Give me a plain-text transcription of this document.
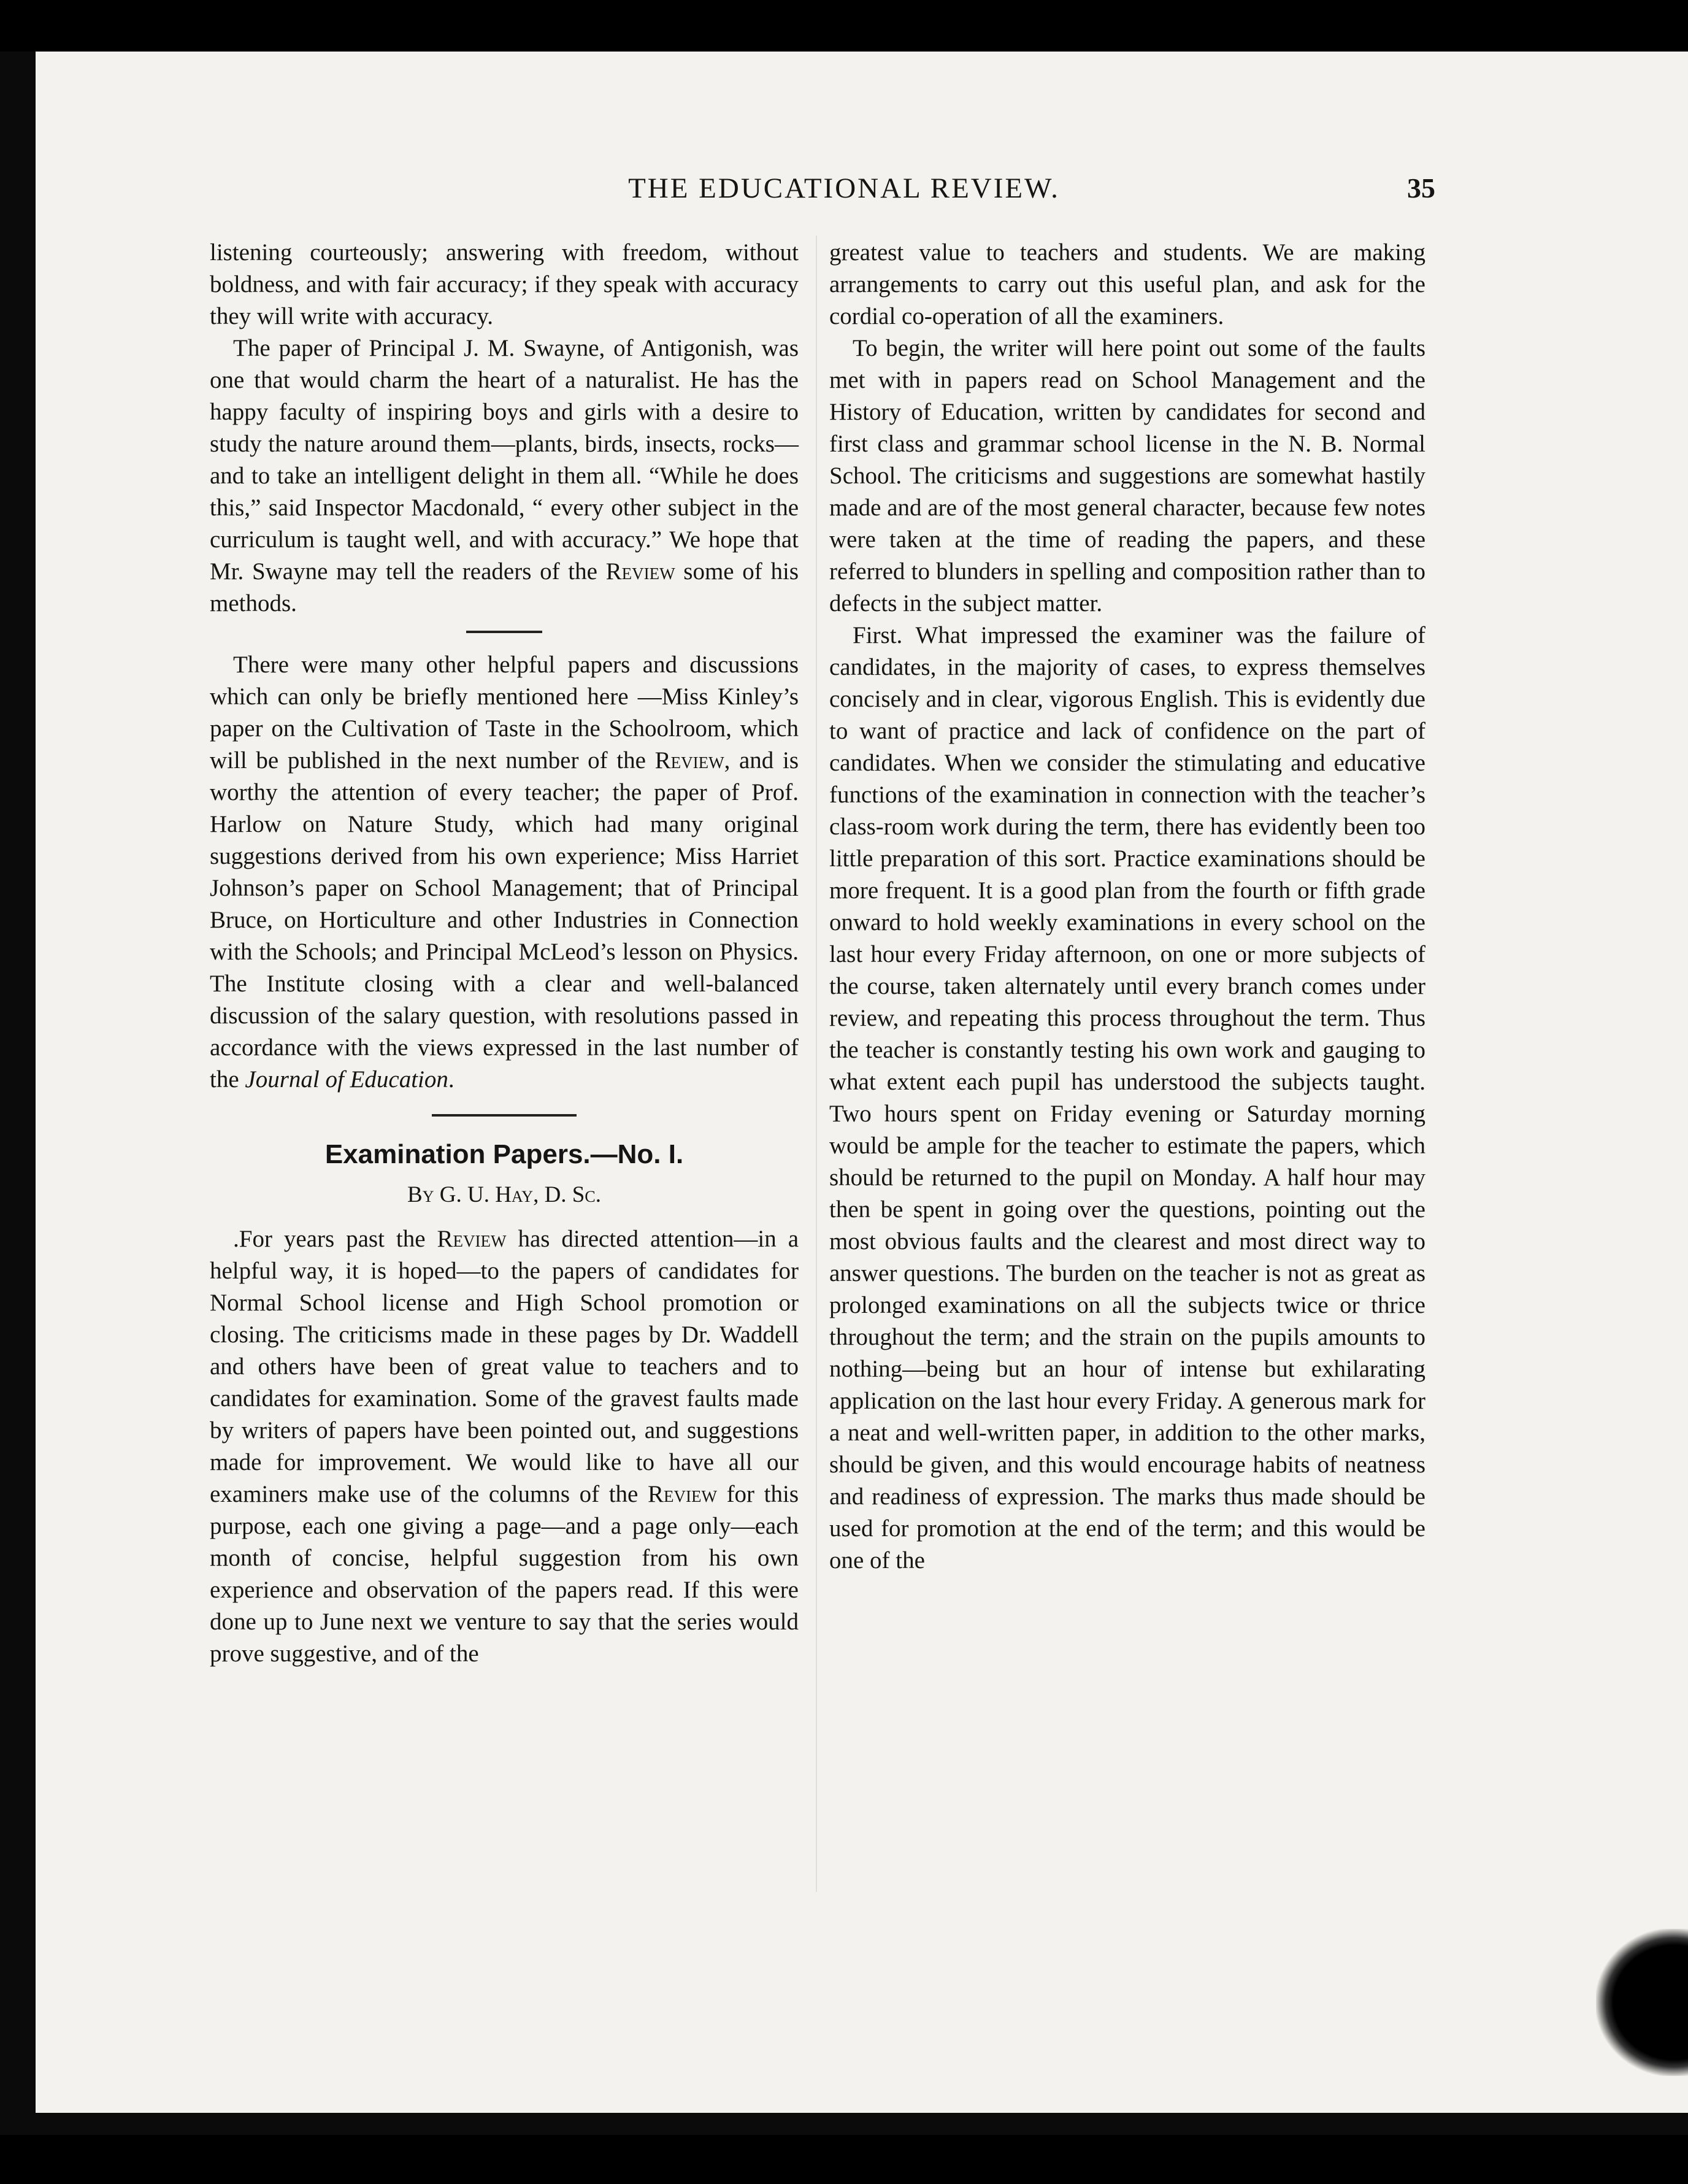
THE EDUCATIONAL REVIEW.	35

listening courteously; answering with freedom, without boldness, and with fair accuracy; if they speak with accuracy they will write with accuracy.

The paper of Principal J. M. Swayne, of Antigonish, was one that would charm the heart of a naturalist. He has the happy faculty of inspiring boys and girls with a desire to study the nature around them—plants, birds, insects, rocks— and to take an intelligent delight in them all. “While he does this,” said Inspector Macdonald, “ every other subject in the curriculum is taught well, and with accuracy.” We hope that Mr. Swayne may tell the readers of the Review some of his methods.

There were many other helpful papers and discussions which can only be briefly mentioned here —Miss Kinley’s paper on the Cultivation of Taste in the Schoolroom, which will be published in the next number of the Review, and is worthy the attention of every teacher; the paper of Prof. Harlow on Nature Study, which had many original suggestions derived from his own experience; Miss Harriet Johnson’s paper on School Management; that of Principal Bruce, on Horticulture and other Industries in Connection with the Schools; and Principal McLeod’s lesson on Physics. The Institute closing with a clear and well-balanced discussion of the salary question, with resolutions passed in accordance with the views expressed in the last number of the Journal of Education.

Examination Papers.—No. I.
By G. U. Hay, D. Sc.

.For years past the Review has directed attention—in a helpful way, it is hoped—to the papers of candidates for Normal School license and High School promotion or closing. The criticisms made in these pages by Dr. Waddell and others have been of great value to teachers and to candidates for examination. Some of the gravest faults made by writers of papers have been pointed out, and suggestions made for improvement. We would like to have all our examiners make use of the columns of the Review for this purpose, each one giving a page—and a page only—each month of concise, helpful suggestion from his own experience and observation of the papers read. If this were done up to June next we venture to say that the series would prove suggestive, and of the

greatest value to teachers and students. We are making arrangements to carry out this useful plan, and ask for the cordial co-operation of all the examiners.

To begin, the writer will here point out some of the faults met with in papers read on School Management and the History of Education, written by candidates for second and first class and grammar school license in the N. B. Normal School. The criticisms and suggestions are somewhat hastily made and are of the most general character, because few notes were taken at the time of reading the papers, and these referred to blunders in spelling and composition rather than to defects in the subject matter.

First. What impressed the examiner was the failure of candidates, in the majority of cases, to express themselves concisely and in clear, vigorous English. This is evidently due to want of practice and lack of confidence on the part of candidates. When we consider the stimulating and educative functions of the examination in connection with the teacher’s class-room work during the term, there has evidently been too little preparation of this sort. Practice examinations should be more frequent. It is a good plan from the fourth or fifth grade onward to hold weekly examinations in every school on the last hour every Friday afternoon, on one or more subjects of the course, taken alternately until every branch comes under review, and repeating this process throughout the term. Thus the teacher is constantly testing his own work and gauging to what extent each pupil has understood the subjects taught. Two hours spent on Friday evening or Saturday morning would be ample for the teacher to estimate the papers, which should be returned to the pupil on Monday. A half hour may then be spent in going over the questions, pointing out the most obvious faults and the clearest and most direct way to answer questions. The burden on the teacher is not as great as prolonged examinations on all the subjects twice or thrice throughout the term; and the strain on the pupils amounts to nothing—being but an hour of intense but exhilarating application on the last hour every Friday. A generous mark for a neat and well-written paper, in addition to the other marks, should be given, and this would encourage habits of neatness and readiness of expression. The marks thus made should be used for promotion at the end of the term; and this would be one of the
